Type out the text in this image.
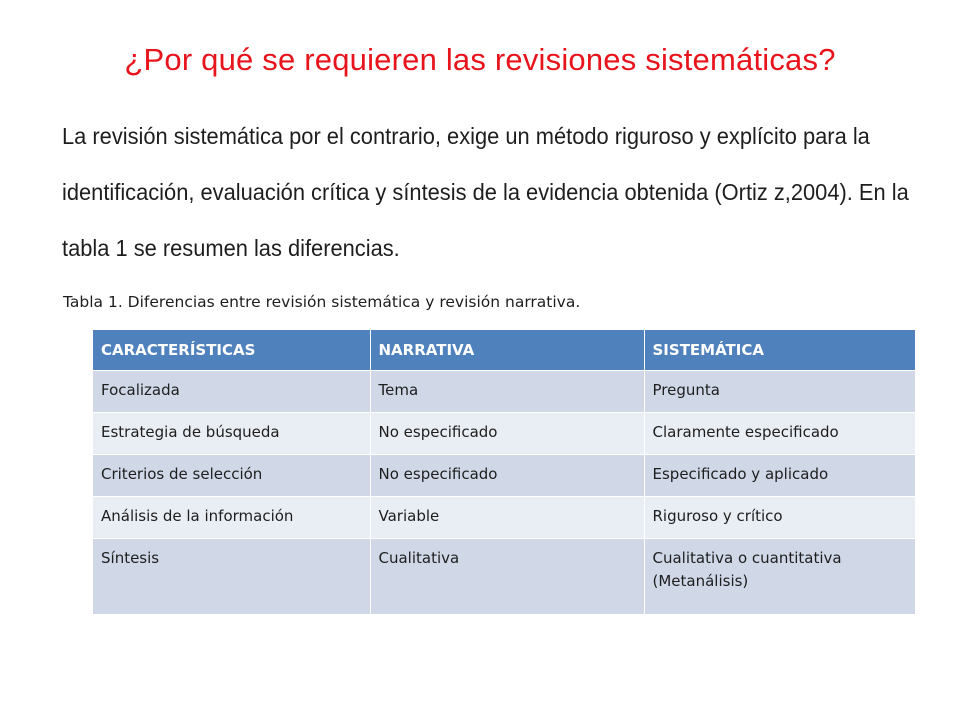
¿Por qué se requieren las revisiones sistemáticas?

La revisión sistemática por el contrario, exige un método riguroso y explícito para la identificación, evaluación crítica y síntesis de la evidencia obtenida (Ortiz z,2004). En la tabla 1 se resumen las diferencias.

Tabla 1. Diferencias entre revisión sistemática y revisión narrativa.

CARACTERÍSTICAS	NARRATIVA	SISTEMÁTICA
Focalizada	Tema	Pregunta
Estrategia de búsqueda	No especificado	Claramente especificado
Criterios de selección	No especificado	Especificado y aplicado
Análisis de la información	Variable	Riguroso y crítico
Síntesis	Cualitativa	Cualitativa o cuantitativa (Metanálisis)
